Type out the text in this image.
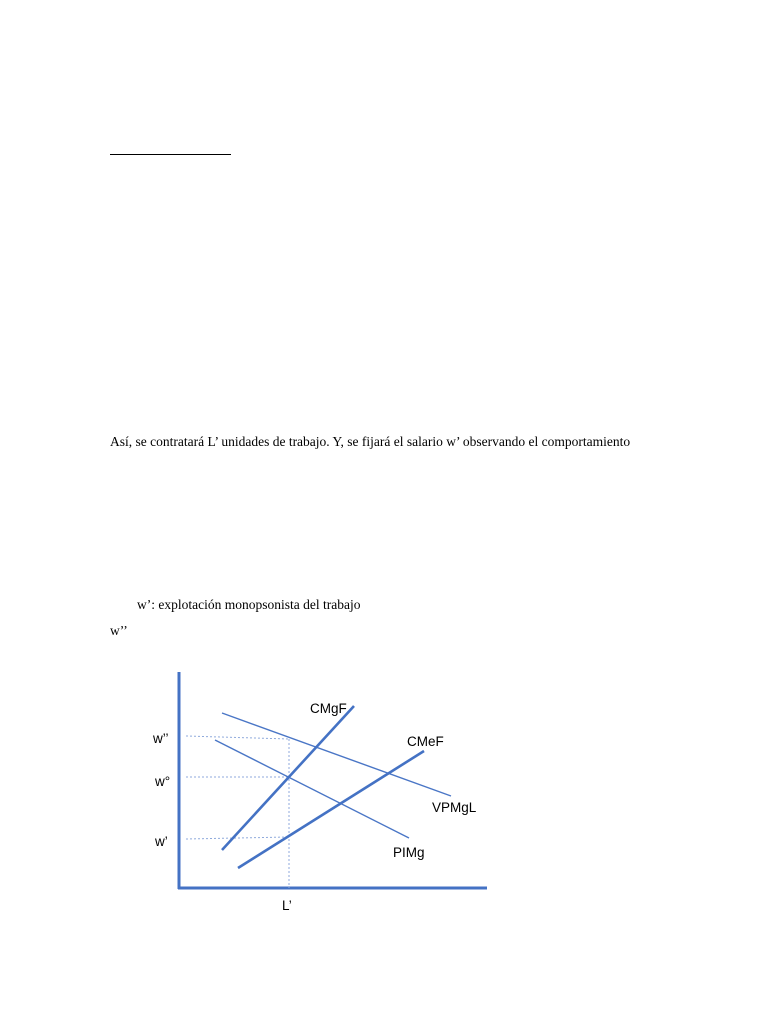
Así, se contratará L’ unidades de trabajo. Y, se fijará el salario w’ observando el comportamiento
w’: explotación monopsonista del trabajo
w’’
w’’
w°
w’
L’
CMgF
CMeF
VPMgL
PIMg
